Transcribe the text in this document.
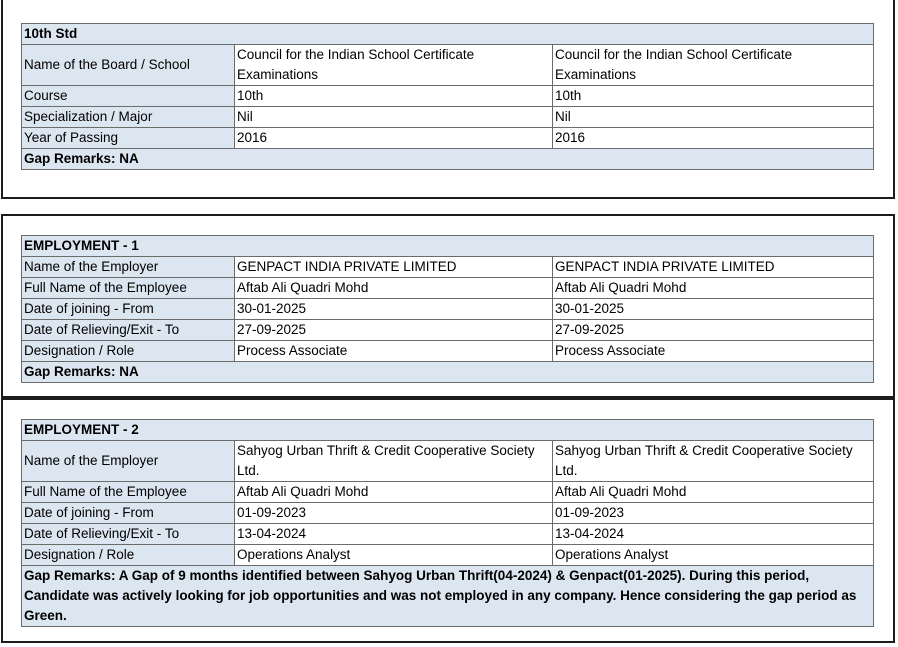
10th Std		
Name of the Board / School	Council for the Indian School Certificate Examinations	Council for the Indian School Certificate Examinations
Course	10th	10th
Specialization / Major	Nil	Nil
Year of Passing	2016	2016
Gap Remarks: NA		
EMPLOYMENT - 1		
Name of the Employer	GENPACT INDIA PRIVATE LIMITED	GENPACT INDIA PRIVATE LIMITED
Full Name of the Employee	Aftab Ali Quadri Mohd	Aftab Ali Quadri Mohd
Date of joining - From	30-01-2025	30-01-2025
Date of Relieving/Exit - To	27-09-2025	27-09-2025
Designation / Role	Process Associate	Process Associate
Gap Remarks: NA		
EMPLOYMENT - 2		
Name of the Employer	Sahyog Urban Thrift & Credit Cooperative Society Ltd.	Sahyog Urban Thrift & Credit Cooperative Society Ltd.
Full Name of the Employee	Aftab Ali Quadri Mohd	Aftab Ali Quadri Mohd
Date of joining - From	01-09-2023	01-09-2023
Date of Relieving/Exit - To	13-04-2024	13-04-2024
Designation / Role	Operations Analyst	Operations Analyst
Gap Remarks: A Gap of 9 months identified between Sahyog Urban Thrift(04-2024) & Genpact(01-2025). During this period, Candidate was actively looking for job opportunities and was not employed in any company. Hence considering the gap period as Green.		
